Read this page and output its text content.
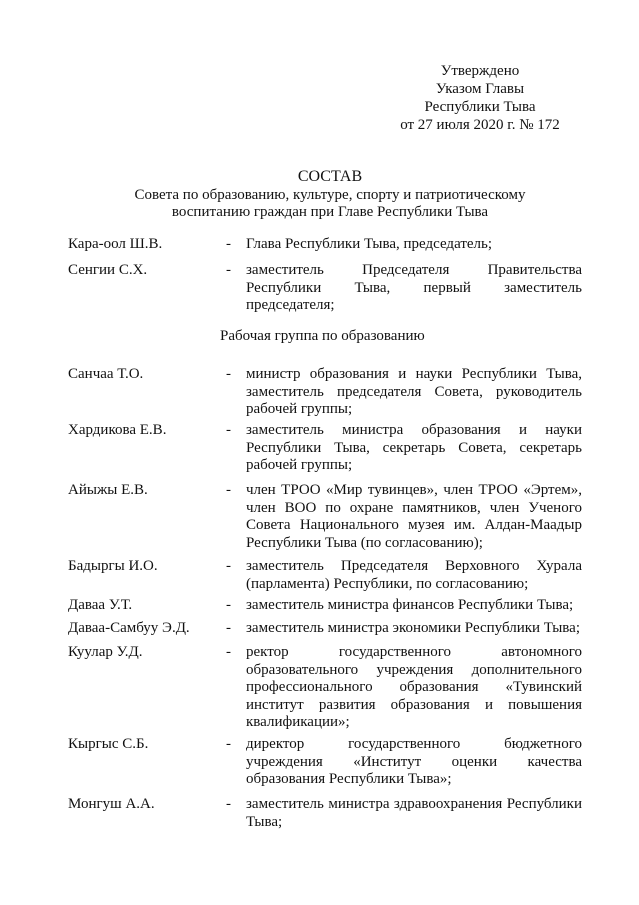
Утверждено
Указом Главы
Республики Тыва
от 27 июля 2020 г. № 172
СОСТАВ
Совета по образованию, культуре, спорту и патриотическому
воспитанию граждан при Главе Республики Тыва
Кара-оол Ш.В.	- Глава Республики Тыва, председатель;
Сенгии С.Х.	- заместитель Председателя Правительства Республики Тыва, первый заместитель председателя;
Рабочая группа по образованию
Санчаа Т.О.	- министр образования и науки Республики Тыва, заместитель председателя Совета, руководитель рабочей группы;
Хардикова Е.В.	- заместитель министра образования и науки Республики Тыва, секретарь Совета, секретарь рабочей группы;
Айыжы Е.В.	- член ТРОО «Мир тувинцев», член ТРОО «Эртем», член ВОО по охране памятников, член Ученого Совета Национального музея им. Алдан-Маадыр Республики Тыва (по согласованию);
Бадыргы И.О.	- заместитель Председателя Верховного Хурала (парламента) Республики, по согласованию;
Даваа У.Т.	- заместитель министра финансов Республики Тыва;
Даваа-Самбуу Э.Д. - заместитель министра экономики Республики Тыва;
Куулар У.Д.	- ректор государственного автономного образовательного учреждения дополнительного профессионального образования «Тувинский институт развития образования и повышения квалификации»;
Кыргыс С.Б.	- директор государственного бюджетного учреждения «Институт оценки качества образования Республики Тыва»;
Монгуш А.А.	- заместитель министра здравоохранения Республики Тыва;
